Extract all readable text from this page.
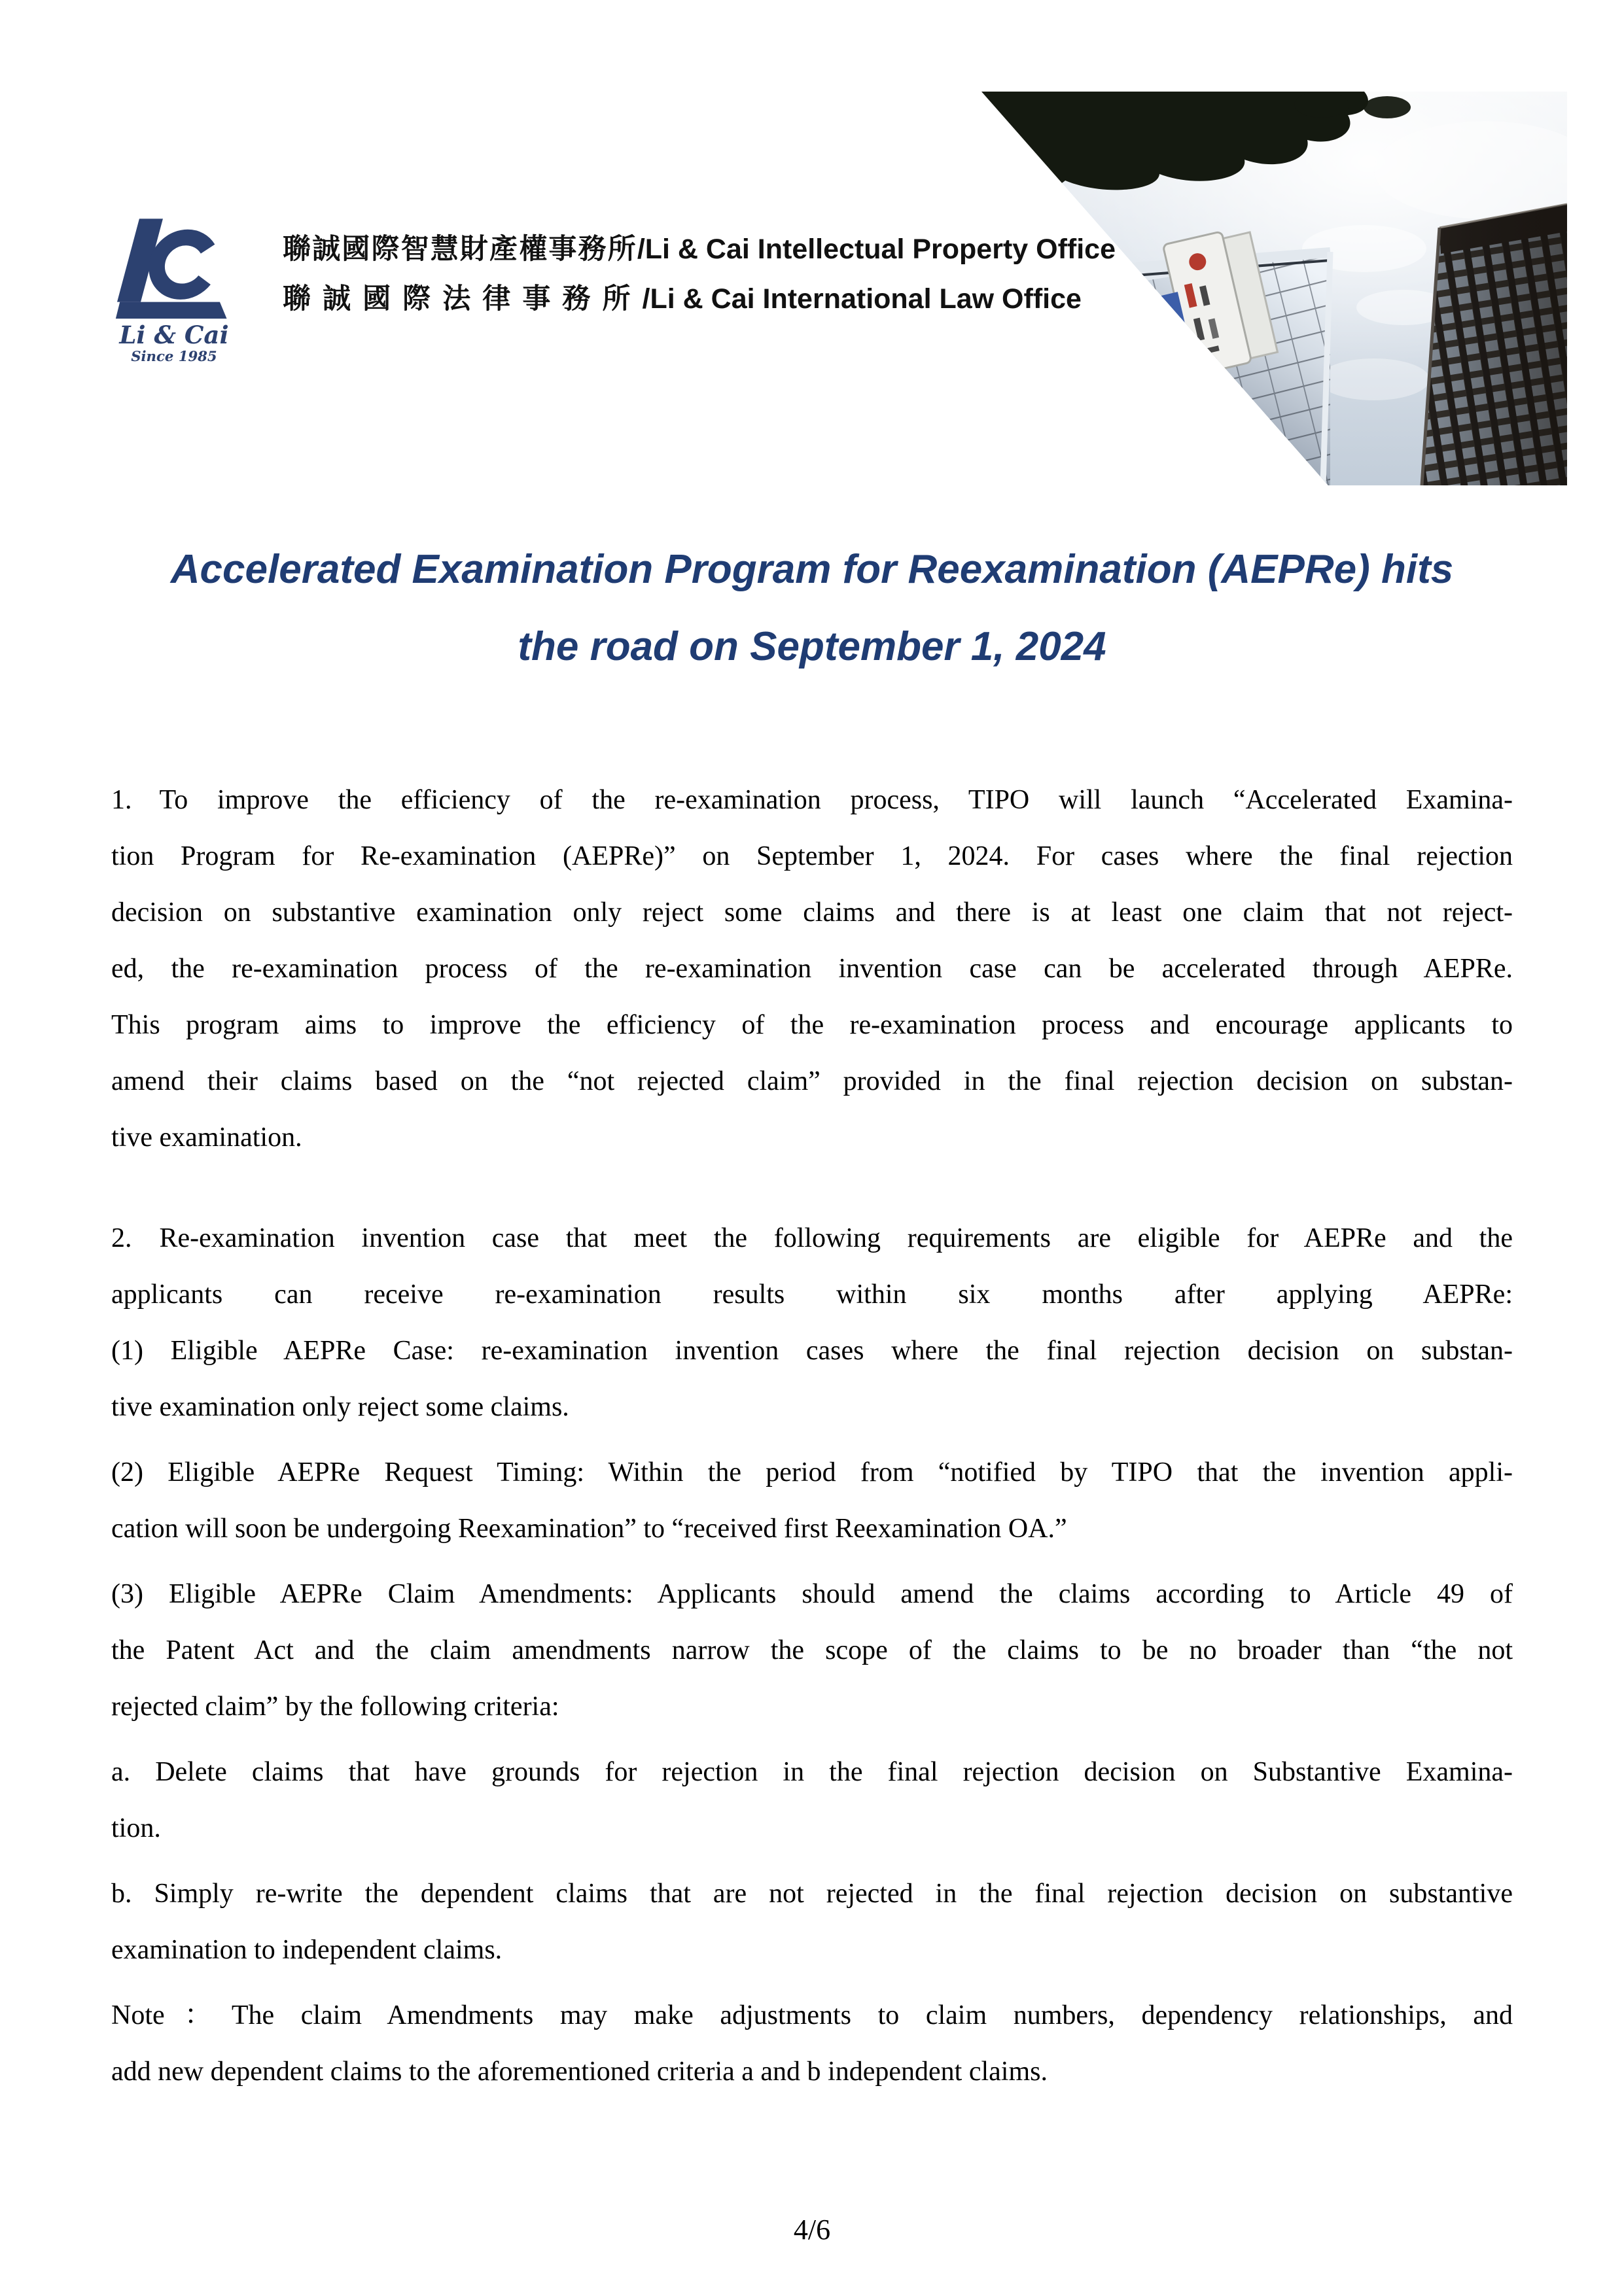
Li & Cai
Since 1985
聯誠國際智慧財產權事務所/Li & Cai Intellectual Property Office
聯誠國際法律事務所/Li & Cai International Law Office
Accelerated Examination Program for Reexamination (AEPRe) hits
the road on September 1, 2024
1. To improve the efficiency of the re-examination process, TIPO will launch “Accelerated Examina-
tion Program for Re-examination (AEPRe)” on September 1, 2024. For cases where the final rejection
decision on substantive examination only reject some claims and there is at least one claim that not reject-
ed, the re-examination process of the re-examination invention case can be accelerated through AEPRe.
This program aims to improve the efficiency of the re-examination process and encourage applicants to
amend their claims based on the “not rejected claim” provided in the final rejection decision on substan-
tive examination.
2. Re-examination invention case that meet the following requirements are eligible for AEPRe and the
applicants can receive re-examination results within six months after applying AEPRe:
(1) Eligible AEPRe Case: re-examination invention cases where the final rejection decision on substan-
tive examination only reject some claims.
(2) Eligible AEPRe Request Timing: Within the period from “notified by TIPO that the invention appli-
cation will soon be undergoing Reexamination” to “received first Reexamination OA.”
(3) Eligible AEPRe Claim Amendments: Applicants should amend the claims according to Article 49 of
the Patent Act and the claim amendments narrow the scope of the claims to be no broader than “the not
rejected claim” by the following criteria:
a. Delete claims that have grounds for rejection in the final rejection decision on Substantive Examina-
tion.
b. Simply re-write the dependent claims that are not rejected in the final rejection decision on substantive
examination to independent claims.
Note：The claim Amendments may make adjustments to claim numbers, dependency relationships, and
add new dependent claims to the aforementioned criteria a and b independent claims.
4/6
